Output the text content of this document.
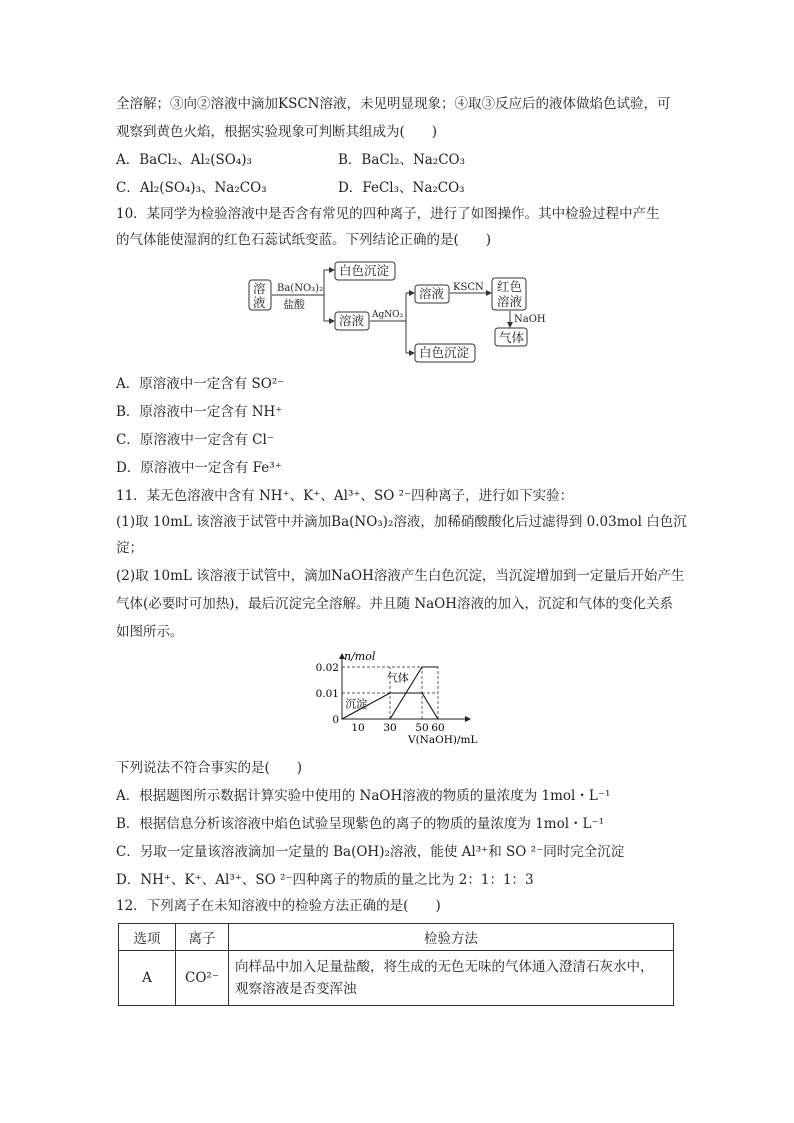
全溶解；③向②溶液中滴加KSCN溶液，未见明显现象；④取③反应后的液体做焰色试验，可
观察到黄色火焰，根据实验现象可判断其组成为(　　)
A．BaCl₂、Al₂(SO₄)₃	B．BaCl₂、Na₂CO₃
C．Al₂(SO₄)₃、Na₂CO₃	D．FeCl₃、Na₂CO₃
10．某同学为检验溶液中是否含有常见的四种离子，进行了如图操作。其中检验过程中产生
的气体能使湿润的红色石蕊试纸变蓝。下列结论正确的是(　　)
溶
液
Ba(NO₃)₂
盐酸
白色沉淀
溶液 AgNO₃
溶液 KSCN 红色
溶液
NaOH
气体
白色沉淀
A．原溶液中一定含有 SO²⁻
B．原溶液中一定含有 NH⁺
C．原溶液中一定含有 Cl⁻
D．原溶液中一定含有 Fe³⁺
11．某无色溶液中含有 NH⁺、K⁺、Al³⁺、SO ²⁻四种离子，进行如下实验：
(1)取 10mL 该溶液于试管中并滴加Ba(NO₃)₂溶液，加稀硝酸酸化后过滤得到 0.03mol 白色沉
淀；
(2)取 10mL 该溶液于试管中，滴加NaOH溶液产生白色沉淀，当沉淀增加到一定量后开始产生
气体(必要时可加热)，最后沉淀完全溶解。并且随 NaOH溶液的加入，沉淀和气体的变化关系
如图所示。
n/mol
V(NaOH)/mL
0.02
0.01
0
10 30 50 60
沉淀
气体
下列说法不符合事实的是(　　)
A．根据题图所示数据计算实验中使用的 NaOH溶液的物质的量浓度为 1mol・L⁻¹
B．根据信息分析该溶液中焰色试验呈现紫色的离子的物质的量浓度为 1mol・L⁻¹
C．另取一定量该溶液滴加一定量的 Ba(OH)₂溶液，能使 Al³⁺和 SO ²⁻同时完全沉淀
D．NH⁺、K⁺、Al³⁺、SO ²⁻四种离子的物质的量之比为 2：1：1：3
12．下列离子在未知溶液中的检验方法正确的是(　　)
选项	离子	检验方法
A	CO²⁻	向样品中加入足量盐酸，将生成的无色无味的气体通入澄清石灰水中，
观察溶液是否变浑浊
